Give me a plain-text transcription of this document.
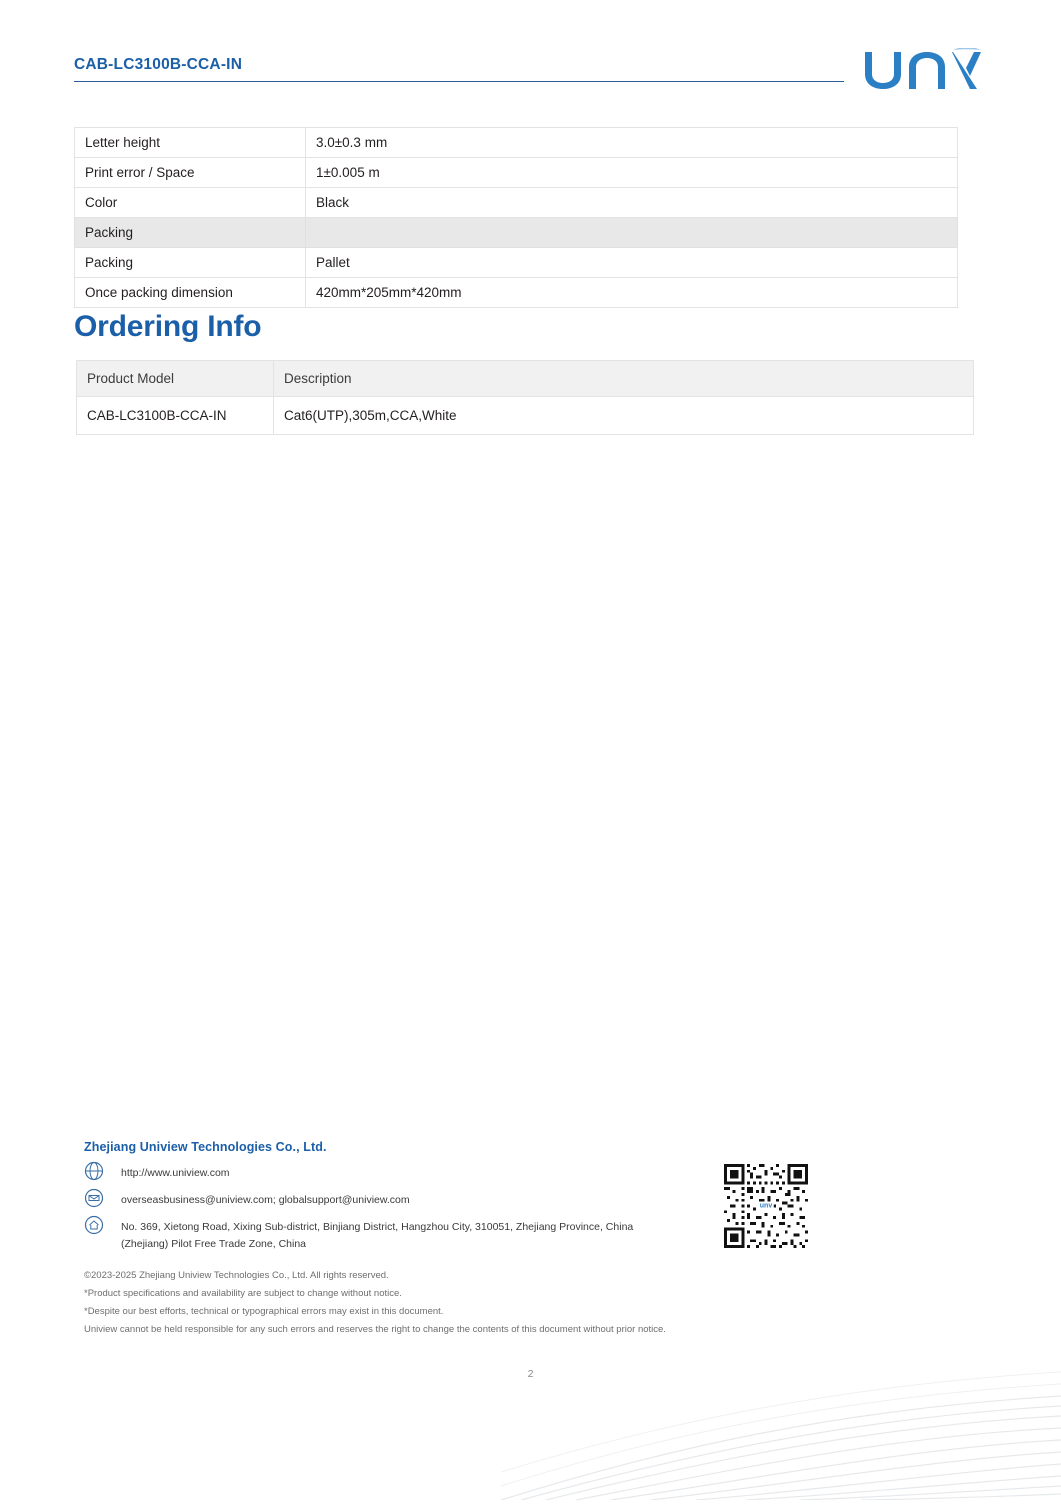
CAB-LC3100B-CCA-IN
Letter height	3.0±0.3 mm
Print error / Space	1±0.005 m
Color	Black
Packing	
Packing	Pallet
Once packing dimension	420mm*205mm*420mm
Ordering Info
Product Model	Description
CAB-LC3100B-CCA-IN	Cat6(UTP),305m,CCA,White
Zhejiang Uniview Technologies Co., Ltd.
http://www.uniview.com
overseasbusiness@uniview.com; globalsupport@uniview.com
No. 369, Xietong Road, Xixing Sub-district, Binjiang District, Hangzhou City, 310051, Zhejiang Province, China
(Zhejiang) Pilot Free Trade Zone, China
©2023-2025 Zhejiang Uniview Technologies Co., Ltd. All rights reserved.
*Product specifications and availability are subject to change without notice.
*Despite our best efforts, technical or typographical errors may exist in this document.
Uniview cannot be held responsible for any such errors and reserves the right to change the contents of this document without prior notice.
unv
2
